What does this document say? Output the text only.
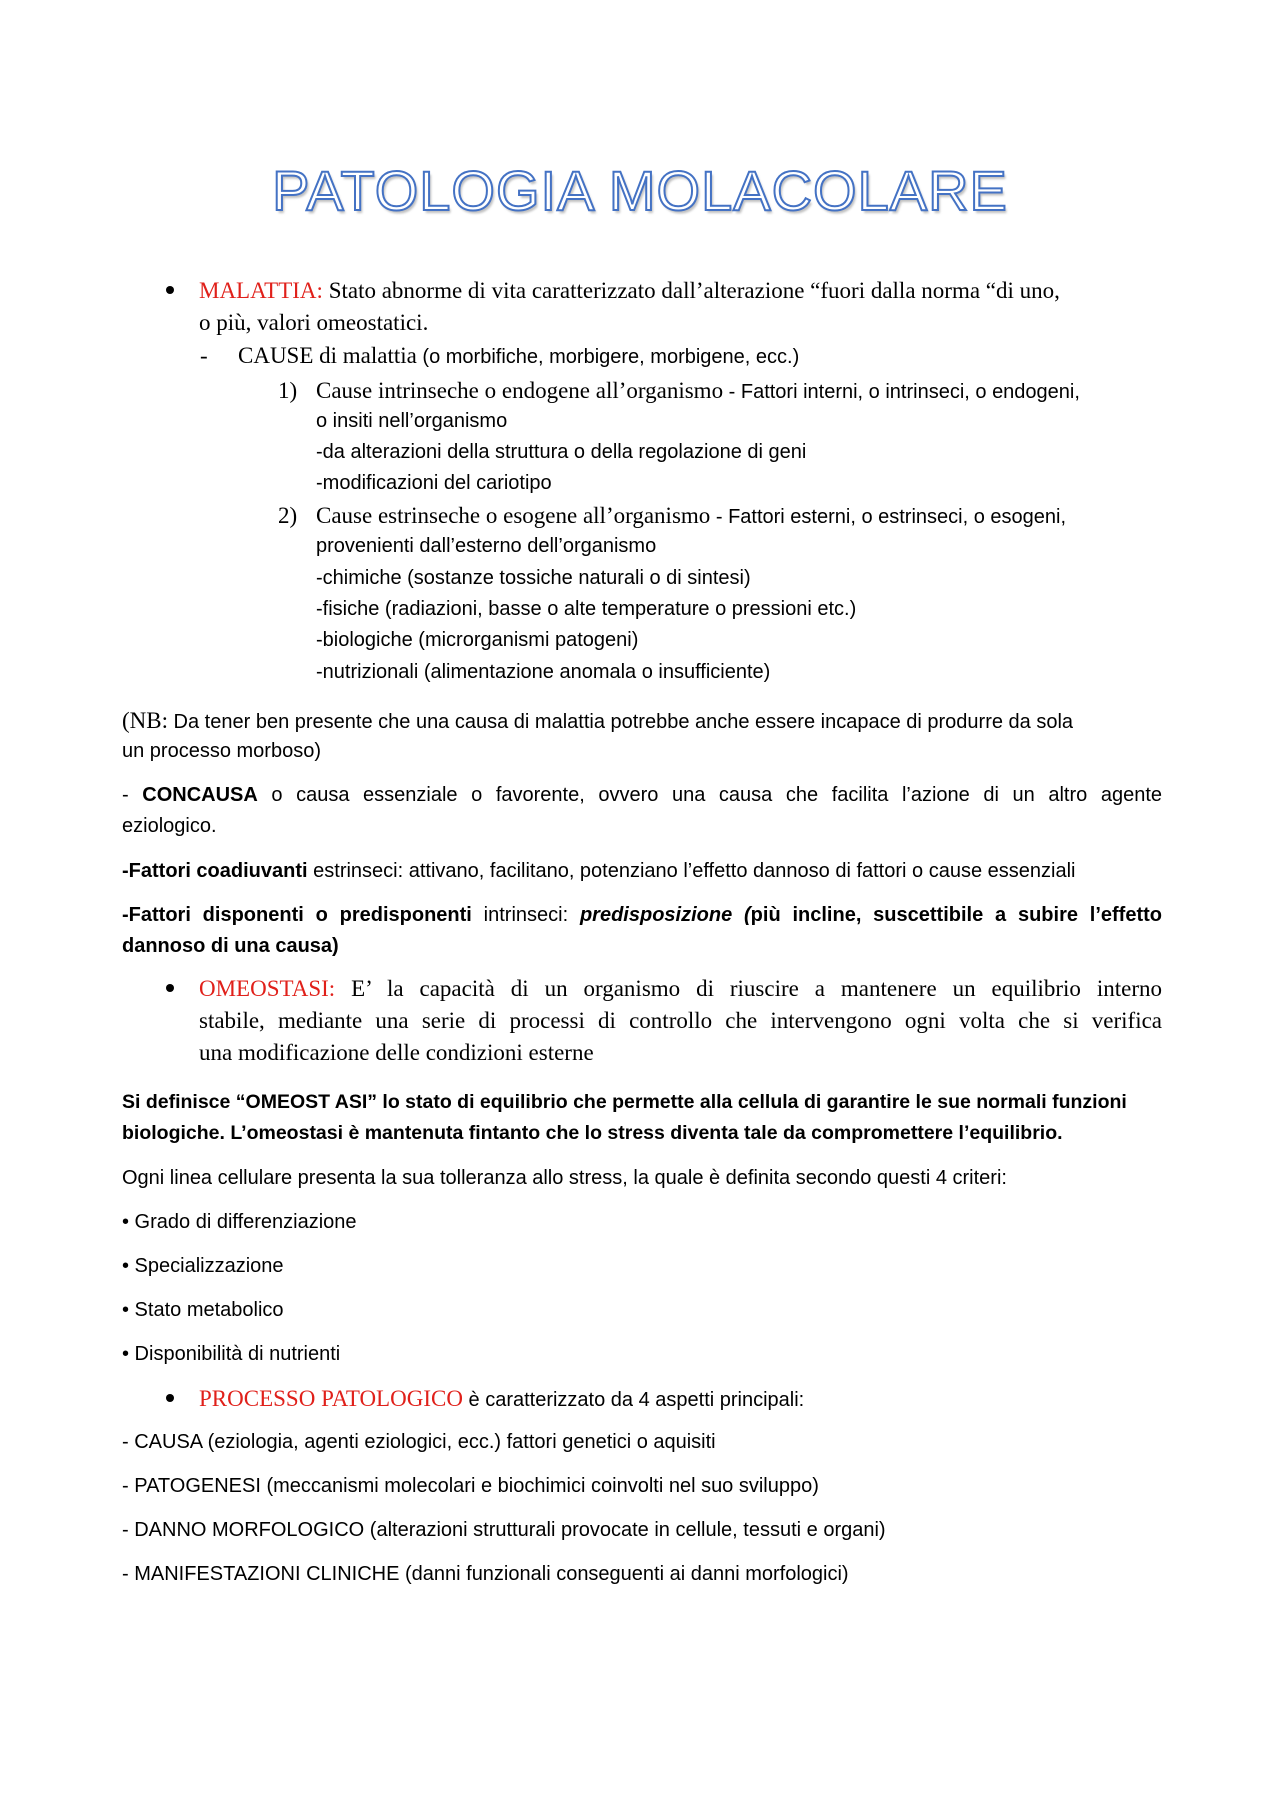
PATOLOGIA MOLACOLARE
MALATTIA: Stato abnorme di vita caratterizzato dall’alterazione “fuori dalla norma “di uno,
o più, valori omeostatici.
- CAUSE di malattia (o morbifiche, morbigere, morbigene, ecc.)
1) Cause intrinseche o endogene all’organismo - Fattori interni, o intrinseci, o endogeni,
o insiti nell’organismo
-da alterazioni della struttura o della regolazione di geni
-modificazioni del cariotipo
2) Cause estrinseche o esogene all’organismo - Fattori esterni, o estrinseci, o esogeni,
provenienti dall’esterno dell’organismo
-chimiche (sostanze tossiche naturali o di sintesi)
-fisiche (radiazioni, basse o alte temperature o pressioni etc.)
-biologiche (microrganismi patogeni)
-nutrizionali (alimentazione anomala o insufficiente)
(NB: Da tener ben presente che una causa di malattia potrebbe anche essere incapace di produrre da sola
un processo morboso)
- CONCAUSA o causa essenziale o favorente, ovvero una causa che facilita l’azione di un altro agente
eziologico.
-Fattori coadiuvanti estrinseci: attivano, facilitano, potenziano l’effetto dannoso di fattori o cause essenziali
-Fattori disponenti o predisponenti intrinseci: predisposizione (più incline, suscettibile a subire l’effetto
dannoso di una causa)
OMEOSTASI: E’ la capacità di un organismo di riuscire a mantenere un equilibrio interno
stabile, mediante una serie di processi di controllo che intervengono ogni volta che si verifica
una modificazione delle condizioni esterne
Si definisce “OMEOST ASI” lo stato di equilibrio che permette alla cellula di garantire le sue normali funzioni
biologiche. L’omeostasi è mantenuta fintanto che lo stress diventa tale da compromettere l’equilibrio.
Ogni linea cellulare presenta la sua tolleranza allo stress, la quale è definita secondo questi 4 criteri:
• Grado di differenziazione
• Specializzazione
• Stato metabolico
• Disponibilità di nutrienti
PROCESSO PATOLOGICO è caratterizzato da 4 aspetti principali:
- CAUSA (eziologia, agenti eziologici, ecc.) fattori genetici o aquisiti
- PATOGENESI (meccanismi molecolari e biochimici coinvolti nel suo sviluppo)
- DANNO MORFOLOGICO (alterazioni strutturali provocate in cellule, tessuti e organi)
- MANIFESTAZIONI CLINICHE (danni funzionali conseguenti ai danni morfologici)
